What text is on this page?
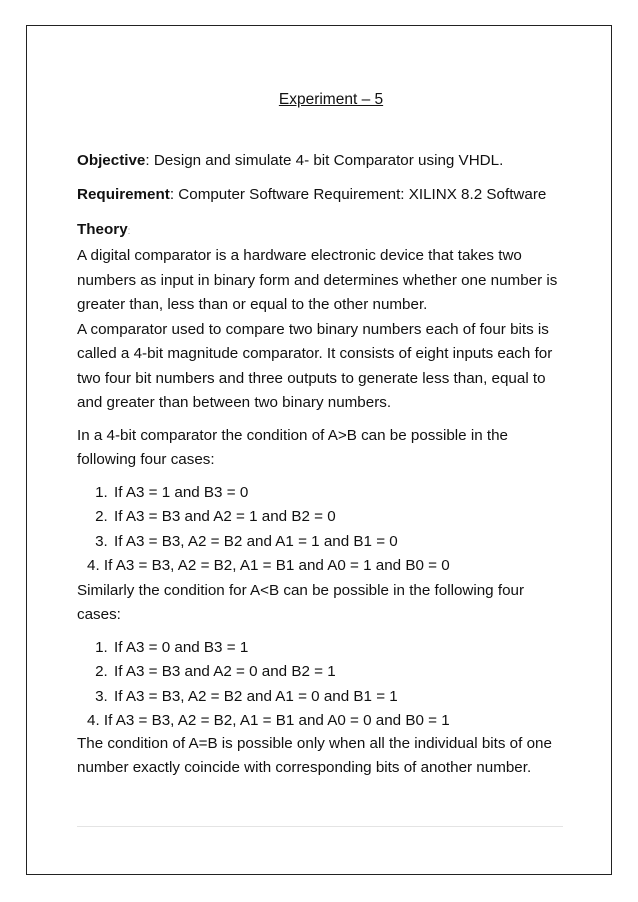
Experiment – 5
Objective: Design and simulate 4- bit Comparator using VHDL.
Requirement: Computer Software Requirement: XILINX 8.2 Software
Theory:

A digital comparator is a hardware electronic device that takes two numbers as input in binary form and determines whether one number is greater than, less than or equal to the other number.

A comparator used to compare two binary numbers each of four bits is called a 4-bit magnitude comparator. It consists of eight inputs each for two four bit numbers and three outputs to generate less than, equal to and greater than between two binary numbers.

In a 4-bit comparator the condition of A>B can be possible in the following four cases:

1. If A3 = 1 and B3 = 0
2. If A3 = B3 and A2 = 1 and B2 = 0
3. If A3 = B3, A2 = B2 and A1 = 1 and B1 = 0
4. If A3 = B3, A2 = B2, A1 = B1 and A0 = 1 and B0 = 0

Similarly the condition for A<B can be possible in the following four cases:

1. If A3 = 0 and B3 = 1
2. If A3 = B3 and A2 = 0 and B2 = 1
3. If A3 = B3, A2 = B2 and A1 = 0 and B1 = 1
4. If A3 = B3, A2 = B2, A1 = B1 and A0 = 0 and B0 = 1

The condition of A=B is possible only when all the individual bits of one number exactly coincide with corresponding bits of another number.
